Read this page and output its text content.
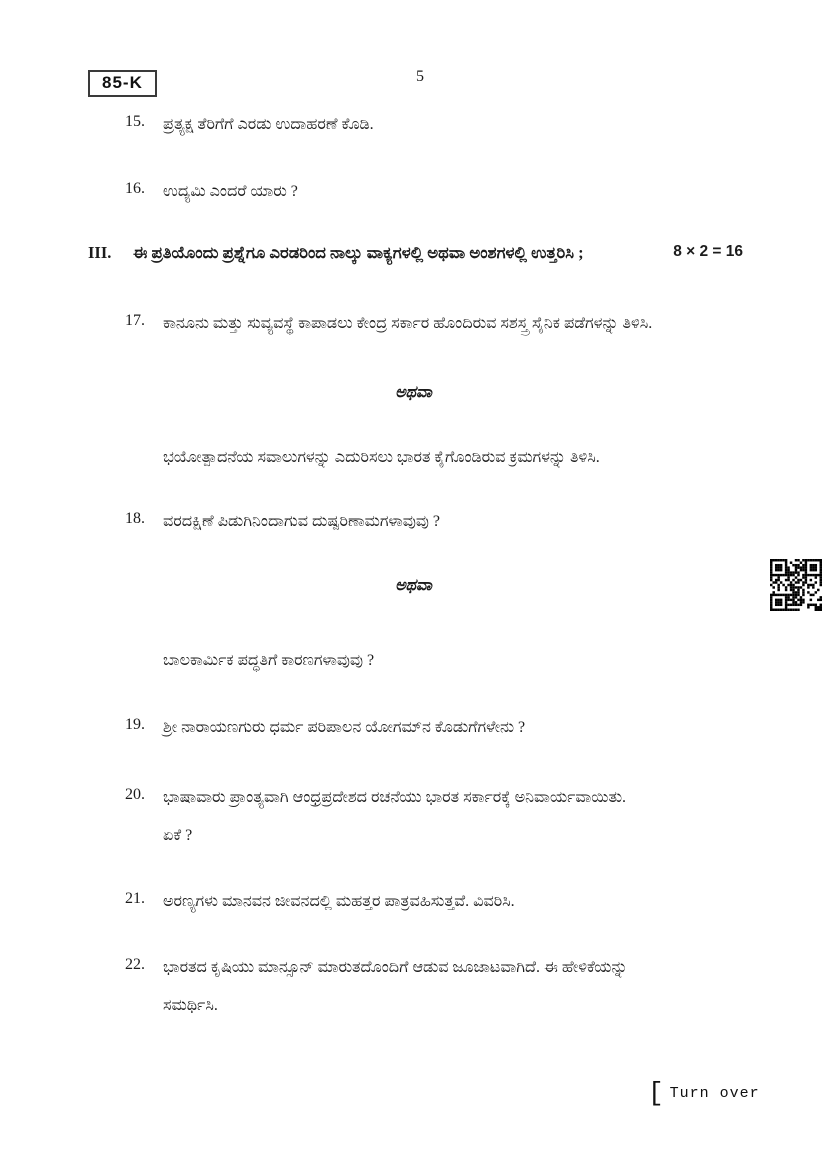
85-K	5
15.	ಪ್ರತ್ಯಕ್ಷ ತೆರಿಗೆಗೆ ಎರಡು ಉದಾಹರಣೆ ಕೊಡಿ.
16.	ಉದ್ಯಮಿ ಎಂದರೆ ಯಾರು ?
III.	ಈ ಪ್ರತಿಯೊಂದು ಪ್ರಶ್ನೆಗೂ ಎರಡರಿಂದ ನಾಲ್ಕು ವಾಕ್ಯಗಳಲ್ಲಿ ಅಥವಾ ಅಂಶಗಳಲ್ಲಿ ಉತ್ತರಿಸಿ ;	8 × 2 = 16
17.	ಕಾನೂನು ಮತ್ತು ಸುವ್ಯವಸ್ಥೆ ಕಾಪಾಡಲು ಕೇಂದ್ರ ಸರ್ಕಾರ ಹೊಂದಿರುವ ಸಶಸ್ತ್ರ ಸೈನಿಕ ಪಡೆಗಳನ್ನು ತಿಳಿಸಿ.
ಅಥವಾ
ಭಯೋತ್ಪಾದನೆಯ ಸವಾಲುಗಳನ್ನು ಎದುರಿಸಲು ಭಾರತ ಕೈಗೊಂಡಿರುವ ಕ್ರಮಗಳನ್ನು ತಿಳಿಸಿ.
18.	ವರದಕ್ಷಿಣೆ ಪಿಡುಗಿನಿಂದಾಗುವ ದುಷ್ಪರಿಣಾಮಗಳಾವುವು ?
ಅಥವಾ
ಬಾಲಕಾರ್ಮಿಕ ಪದ್ಧತಿಗೆ ಕಾರಣಗಳಾವುವು ?
19.	ಶ್ರೀ ನಾರಾಯಣಗುರು ಧರ್ಮ ಪರಿಪಾಲನ ಯೋಗಮ್‌ನ ಕೊಡುಗೆಗಳೇನು ?
20.	ಭಾಷಾವಾರು ಪ್ರಾಂತ್ಯವಾಗಿ ಆಂಧ್ರಪ್ರದೇಶದ ರಚನೆಯು ಭಾರತ ಸರ್ಕಾರಕ್ಕೆ ಅನಿವಾರ್ಯವಾಯಿತು.
ಏಕೆ ?
21.	ಅರಣ್ಯಗಳು ಮಾನವನ ಜೀವನದಲ್ಲಿ ಮಹತ್ತರ ಪಾತ್ರವಹಿಸುತ್ತವೆ. ವಿವರಿಸಿ.
22.	ಭಾರತದ ಕೃಷಿಯು ಮಾನ್ಸೂನ್ ಮಾರುತದೊಂದಿಗೆ ಆಡುವ ಜೂಜಾಟವಾಗಿದೆ. ಈ ಹೇಳಿಕೆಯನ್ನು
ಸಮರ್ಥಿಸಿ.
[ Turn over
